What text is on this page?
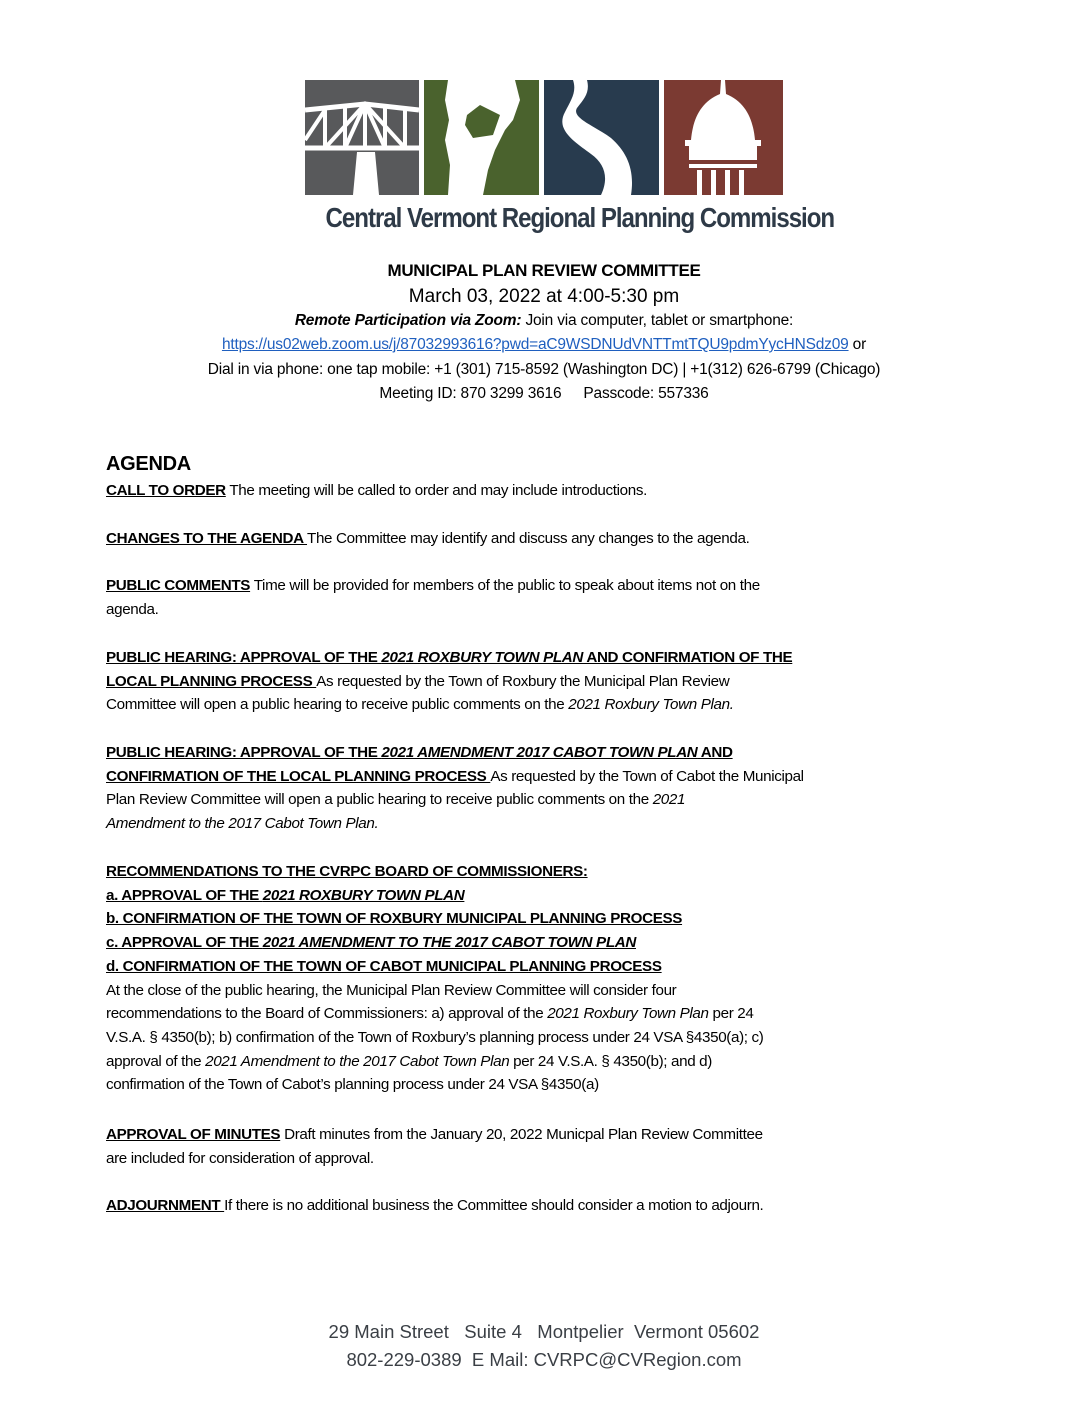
Central Vermont Regional Planning Commission
MUNICIPAL PLAN REVIEW COMMITTEE
March 03, 2022 at 4:00-5:30 pm
Remote Participation via Zoom: Join via computer, tablet or smartphone:
https://us02web.zoom.us/j/87032993616?pwd=aC9WSDNUdVNTTmtTQU9pdmYycHNSdz09 or
Dial in via phone: one tap mobile: +1 (301) 715-8592 (Washington DC) | +1(312) 626-6799 (Chicago)
Meeting ID: 870 3299 3616 Passcode: 557336
AGENDA
CALL TO ORDER The meeting will be called to order and may include introductions.
CHANGES TO THE AGENDA The Committee may identify and discuss any changes to the agenda.
PUBLIC COMMENTS Time will be provided for members of the public to speak about items not on the
agenda.
PUBLIC HEARING: APPROVAL OF THE 2021 ROXBURY TOWN PLAN AND CONFIRMATION OF THE
LOCAL PLANNING PROCESS As requested by the Town of Roxbury the Municipal Plan Review
Committee will open a public hearing to receive public comments on the 2021 Roxbury Town Plan.
PUBLIC HEARING: APPROVAL OF THE 2021 AMENDMENT 2017 CABOT TOWN PLAN AND
CONFIRMATION OF THE LOCAL PLANNING PROCESS As requested by the Town of Cabot the Municipal
Plan Review Committee will open a public hearing to receive public comments on the 2021
Amendment to the 2017 Cabot Town Plan.
RECOMMENDATIONS TO THE CVRPC BOARD OF COMMISSIONERS:
a. APPROVAL OF THE 2021 ROXBURY TOWN PLAN
b. CONFIRMATION OF THE TOWN OF ROXBURY MUNICIPAL PLANNING PROCESS
c. APPROVAL OF THE 2021 AMENDMENT TO THE 2017 CABOT TOWN PLAN
d. CONFIRMATION OF THE TOWN OF CABOT MUNICIPAL PLANNING PROCESS
At the close of the public hearing, the Municipal Plan Review Committee will consider four
recommendations to the Board of Commissioners: a) approval of the 2021 Roxbury Town Plan per 24
V.S.A. § 4350(b); b) confirmation of the Town of Roxbury’s planning process under 24 VSA §4350(a); c)
approval of the 2021 Amendment to the 2017 Cabot Town Plan per 24 V.S.A. § 4350(b); and d)
confirmation of the Town of Cabot’s planning process under 24 VSA §4350(a)
APPROVAL OF MINUTES Draft minutes from the January 20, 2022 Municpal Plan Review Committee
are included for consideration of approval.
ADJOURNMENT If there is no additional business the Committee should consider a motion to adjourn.
29 Main Street   Suite 4   Montpelier  Vermont 05602
802-229-0389  E Mail: CVRPC@CVRegion.com
